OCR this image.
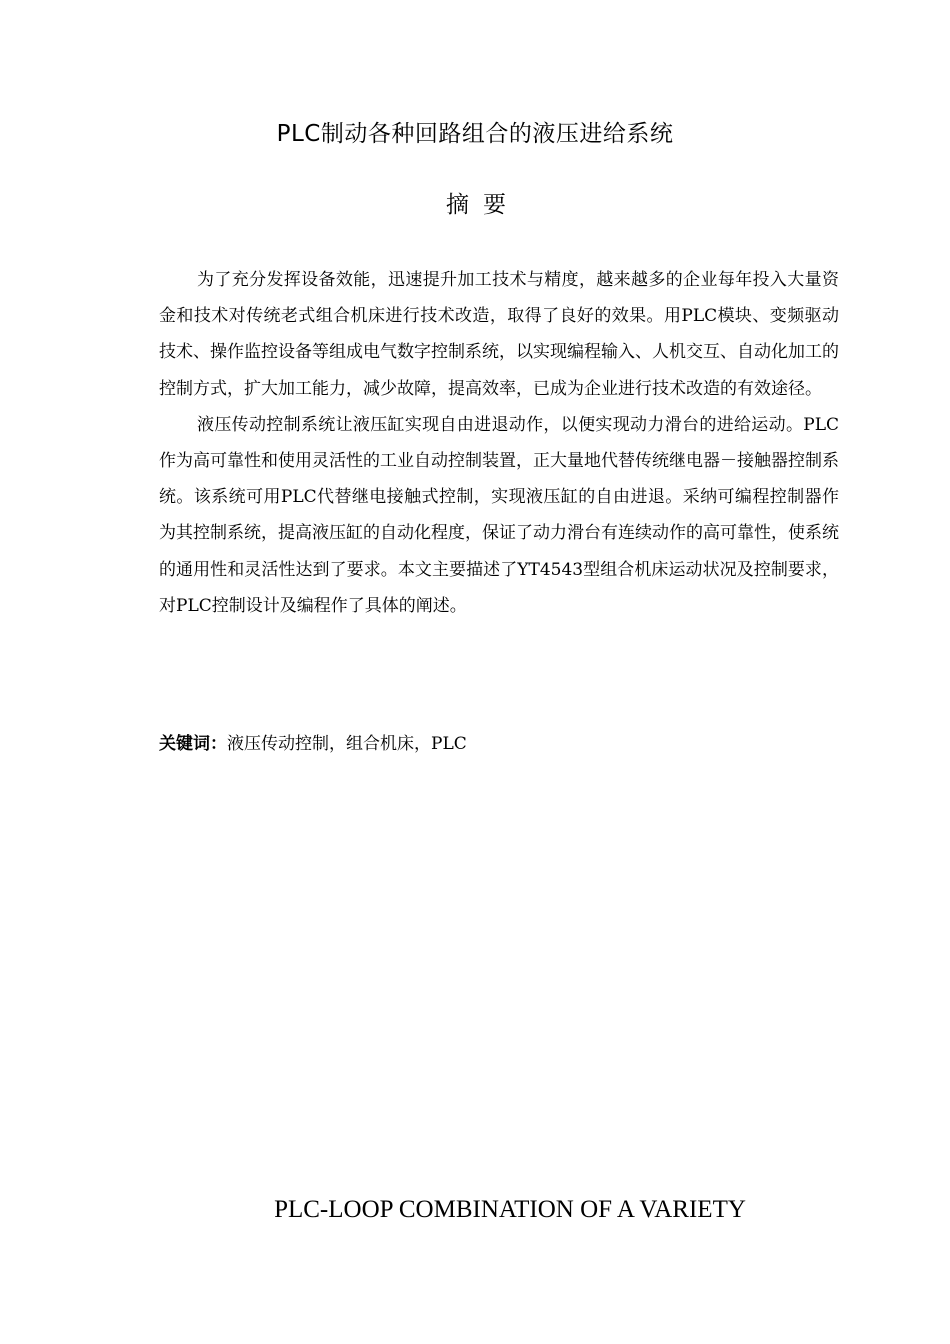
PLC制动各种回路组合的液压进给系统
摘要

为了充分发挥设备效能，迅速提升加工技术与精度，越来越多的企业每年投入大量资金和技术对传统老式组合机床进行技术改造，取得了良好的效果。用PLC模块、变频驱动技术、操作监控设备等组成电气数字控制系统，以实现编程输入、人机交互、自动化加工的控制方式，扩大加工能力，减少故障，提高效率，已成为企业进行技术改造的有效途径。

液压传动控制系统让液压缸实现自由进退动作，以便实现动力滑台的进给运动。PLC作为高可靠性和使用灵活性的工业自动控制装置，正大量地代替传统继电器－接触器控制系统。该系统可用PLC代替继电接触式控制，实现液压缸的自由进退。采纳可编程控制器作为其控制系统，提高液压缸的自动化程度，保证了动力滑台有连续动作的高可靠性，使系统的通用性和灵活性达到了要求。本文主要描述了YT4543型组合机床运动状况及控制要求，对PLC控制设计及编程作了具体的阐述。

关键词：液压传动控制，组合机床，PLC
PLC-LOOP COMBINATION OF A VARIETY
